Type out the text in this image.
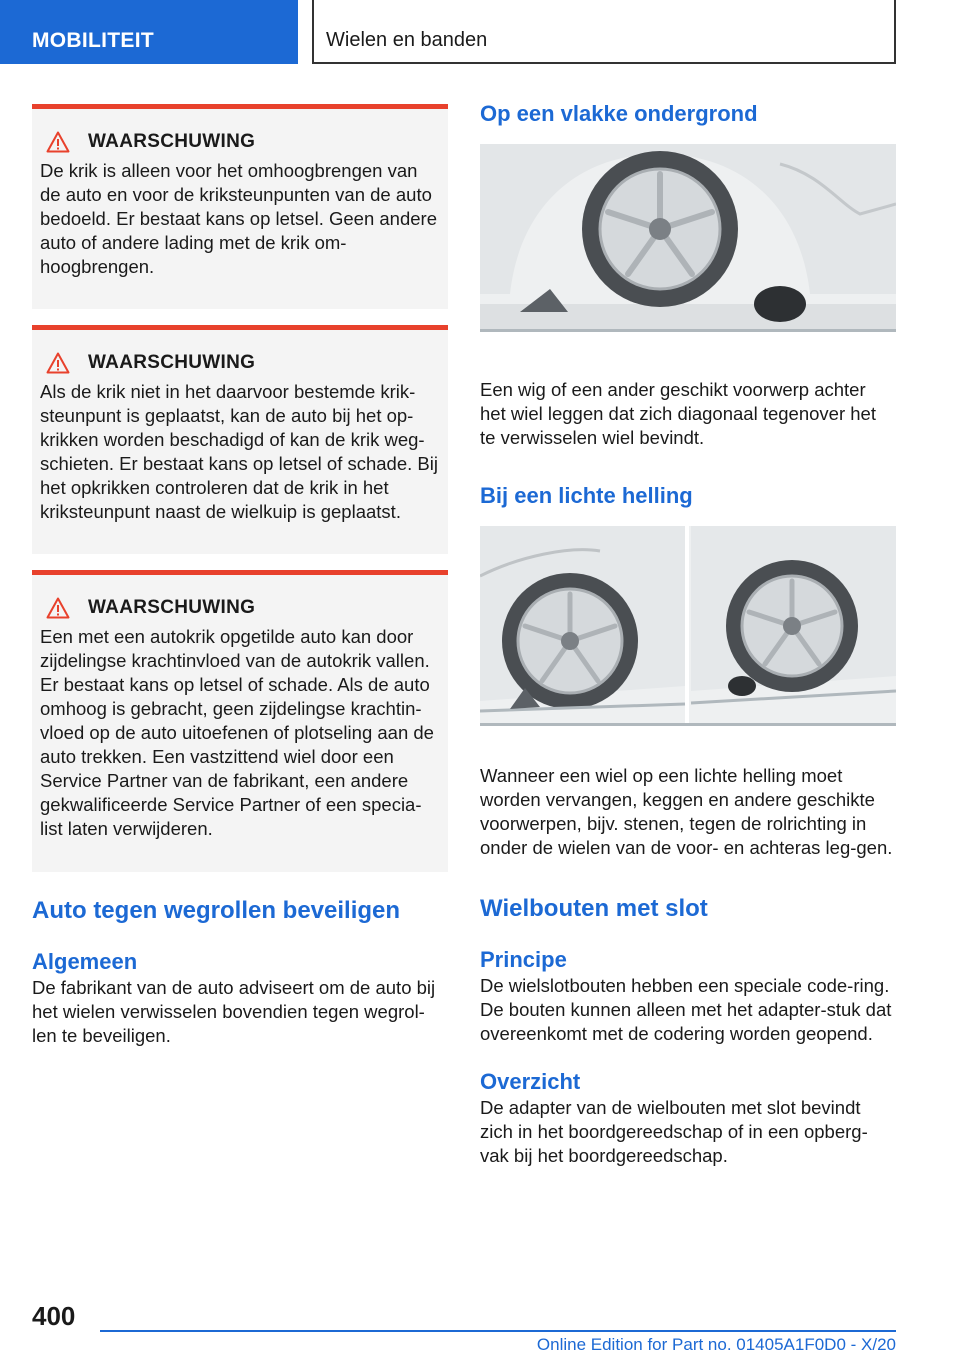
MOBILITEIT	Wielen en banden
WAARSCHUWING
De krik is alleen voor het omhoogbrengen van de auto en voor de kriksteunpunten van de auto bedoeld. Er bestaat kans op letsel. Geen andere auto of andere lading met de krik om-hoogbrengen.
WAARSCHUWING
Als de krik niet in het daarvoor bestemde krik-steunpunt is geplaatst, kan de auto bij het op-krikken worden beschadigd of kan de krik weg-schieten. Er bestaat kans op letsel of schade. Bij het opkrikken controleren dat de krik in het kriksteunpunt naast de wielkuip is geplaatst.
WAARSCHUWING
Een met een autokrik opgetilde auto kan door zijdelingse krachtinvloed van de autokrik vallen. Er bestaat kans op letsel of schade. Als de auto omhoog is gebracht, geen zijdelingse krachtin-vloed op de auto uitoefenen of plotseling aan de auto trekken. Een vastzittend wiel door een Service Partner van de fabrikant, een andere gekwalificeerde Service Partner of een specia-list laten verwijderen.
Auto tegen wegrollen beveiligen
Algemeen

De fabrikant van de auto adviseert om de auto bij het wielen verwisselen bovendien tegen wegrol-len te beveiligen.

Op een vlakke ondergrond

Een wig of een ander geschikt voorwerp achter het wiel leggen dat zich diagonaal tegenover het te verwisselen wiel bevindt.

Bij een lichte helling

Wanneer een wiel op een lichte helling moet worden vervangen, keggen en andere geschikte voorwerpen, bijv. stenen, tegen de rolrichting in onder de wielen van de voor- en achteras leg-gen.

Wielbouten met slot
Principe

De wielslotbouten hebben een speciale code-ring. De bouten kunnen alleen met het adapter-stuk dat overeenkomt met de codering worden geopend.

Overzicht

De adapter van de wielbouten met slot bevindt zich in het boordgereedschap of in een opberg-vak bij het boordgereedschap.

400
Online Edition for Part no. 01405A1F0D0 - X/20
